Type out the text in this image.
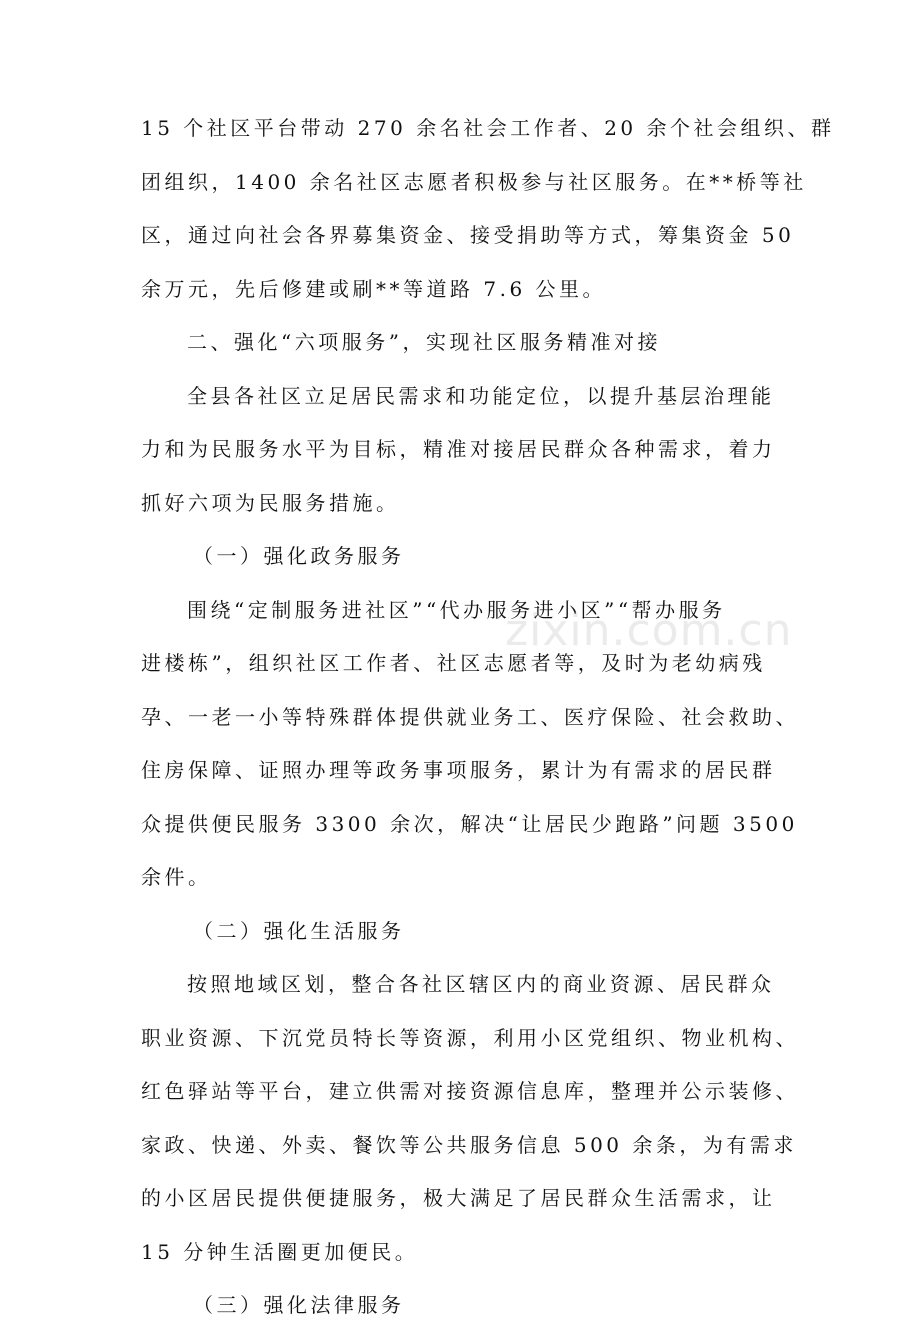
15 个社区平台带动 270 余名社会工作者、20 余个社会组织、群
团组织，1400 余名社区志愿者积极参与社区服务。在**桥等社
区，通过向社会各界募集资金、接受捐助等方式，筹集资金 50
余万元，先后修建或刷**等道路 7.6 公里。
二、强化“六项服务”，实现社区服务精准对接
全县各社区立足居民需求和功能定位，以提升基层治理能
力和为民服务水平为目标，精准对接居民群众各种需求，着力
抓好六项为民服务措施。
（一）强化政务服务
围绕“定制服务进社区”“代办服务进小区”“帮办服务
进楼栋”，组织社区工作者、社区志愿者等，及时为老幼病残
孕、一老一小等特殊群体提供就业务工、医疗保险、社会救助、
住房保障、证照办理等政务事项服务，累计为有需求的居民群
众提供便民服务 3300 余次，解决“让居民少跑路”问题 3500
余件。
（二）强化生活服务
按照地域区划，整合各社区辖区内的商业资源、居民群众
职业资源、下沉党员特长等资源，利用小区党组织、物业机构、
红色驿站等平台，建立供需对接资源信息库，整理并公示装修、
家政、快递、外卖、餐饮等公共服务信息 500 余条，为有需求
的小区居民提供便捷服务，极大满足了居民群众生活需求，让
15 分钟生活圈更加便民。
（三）强化法律服务
zixin.com.cn
